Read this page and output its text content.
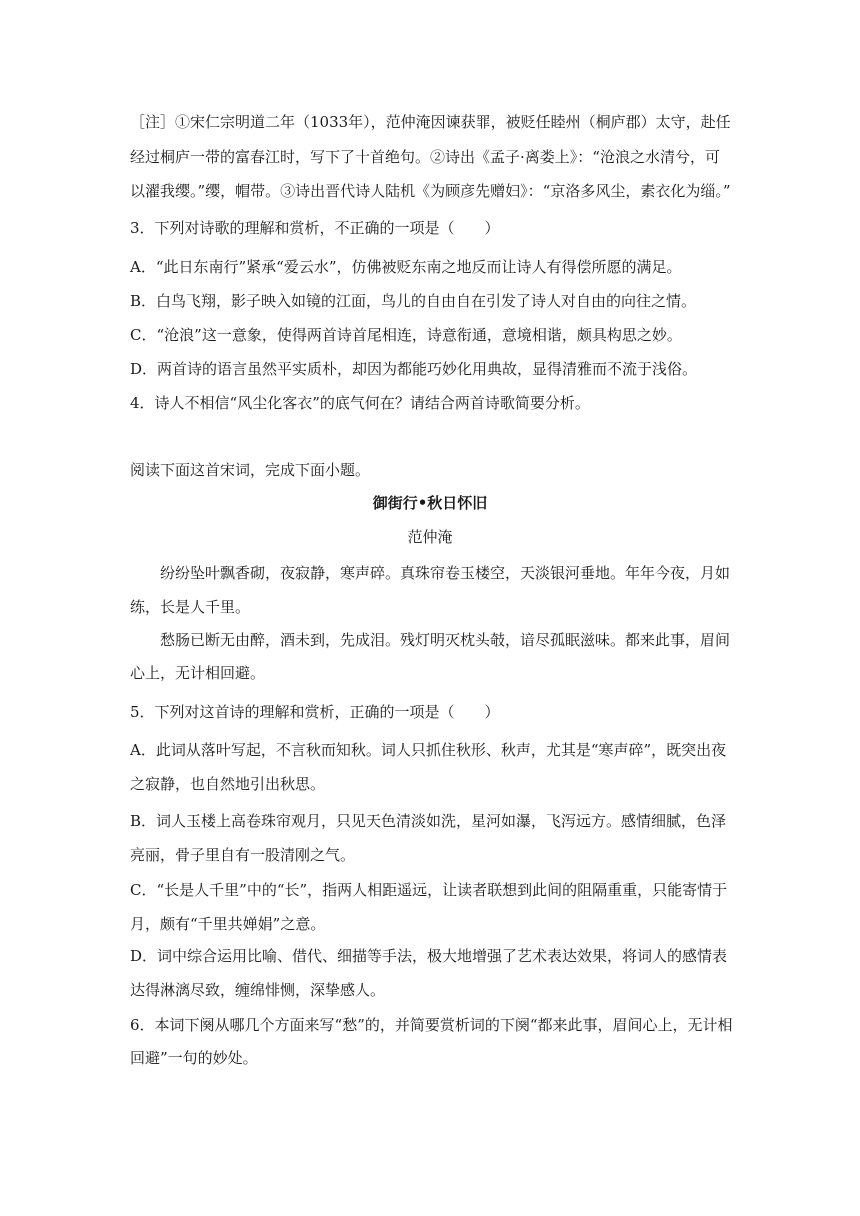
［注］①宋仁宗明道二年（1033年），范仲淹因谏获罪，被贬任睦州（桐庐郡）太守，赴任
经过桐庐一带的富春江时，写下了十首绝句。②诗出《孟子·离娄上》：“沧浪之水清兮，可
以濯我缨。”缨，帽带。③诗出晋代诗人陆机《为顾彦先赠妇》：“京洛多风尘，素衣化为缁。”
3．下列对诗歌的理解和赏析，不正确的一项是（　　）
A．“此日东南行”紧承“爱云水”，仿佛被贬东南之地反而让诗人有得偿所愿的满足。
B．白鸟飞翔，影子映入如镜的江面，鸟儿的自由自在引发了诗人对自由的向往之情。
C．“沧浪”这一意象，使得两首诗首尾相连，诗意衔通，意境相谐，颇具构思之妙。
D．两首诗的语言虽然平实质朴，却因为都能巧妙化用典故，显得清雅而不流于浅俗。
4．诗人不相信“风尘化客衣”的底气何在？请结合两首诗歌简要分析。
阅读下面这首宋词，完成下面小题。
御街行•秋日怀旧
范仲淹
纷纷坠叶飘香砌，夜寂静，寒声碎。真珠帘卷玉楼空，天淡银河垂地。年年今夜，月如
练，长是人千里。
愁肠已断无由醉，酒未到，先成泪。残灯明灭枕头攲，谙尽孤眠滋味。都来此事，眉间
心上，无计相回避。
5．下列对这首诗的理解和赏析，正确的一项是（　　）
A．此词从落叶写起，不言秋而知秋。词人只抓住秋形、秋声，尤其是“寒声碎”，既突出夜
之寂静，也自然地引出秋思。
B．词人玉楼上高卷珠帘观月，只见天色清淡如洗，星河如瀑，飞泻远方。感情细腻，色泽
亮丽，骨子里自有一股清刚之气。
C．“长是人千里”中的“长”，指两人相距遥远，让读者联想到此间的阻隔重重，只能寄情于
月，颇有“千里共婵娟”之意。
D．词中综合运用比喻、借代、细描等手法，极大地增强了艺术表达效果，将词人的感情表
达得淋漓尽致，缠绵悱恻，深挚感人。
6．本词下阕从哪几个方面来写“愁”的，并简要赏析词的下阕“都来此事，眉间心上，无计相
回避”一句的妙处。
